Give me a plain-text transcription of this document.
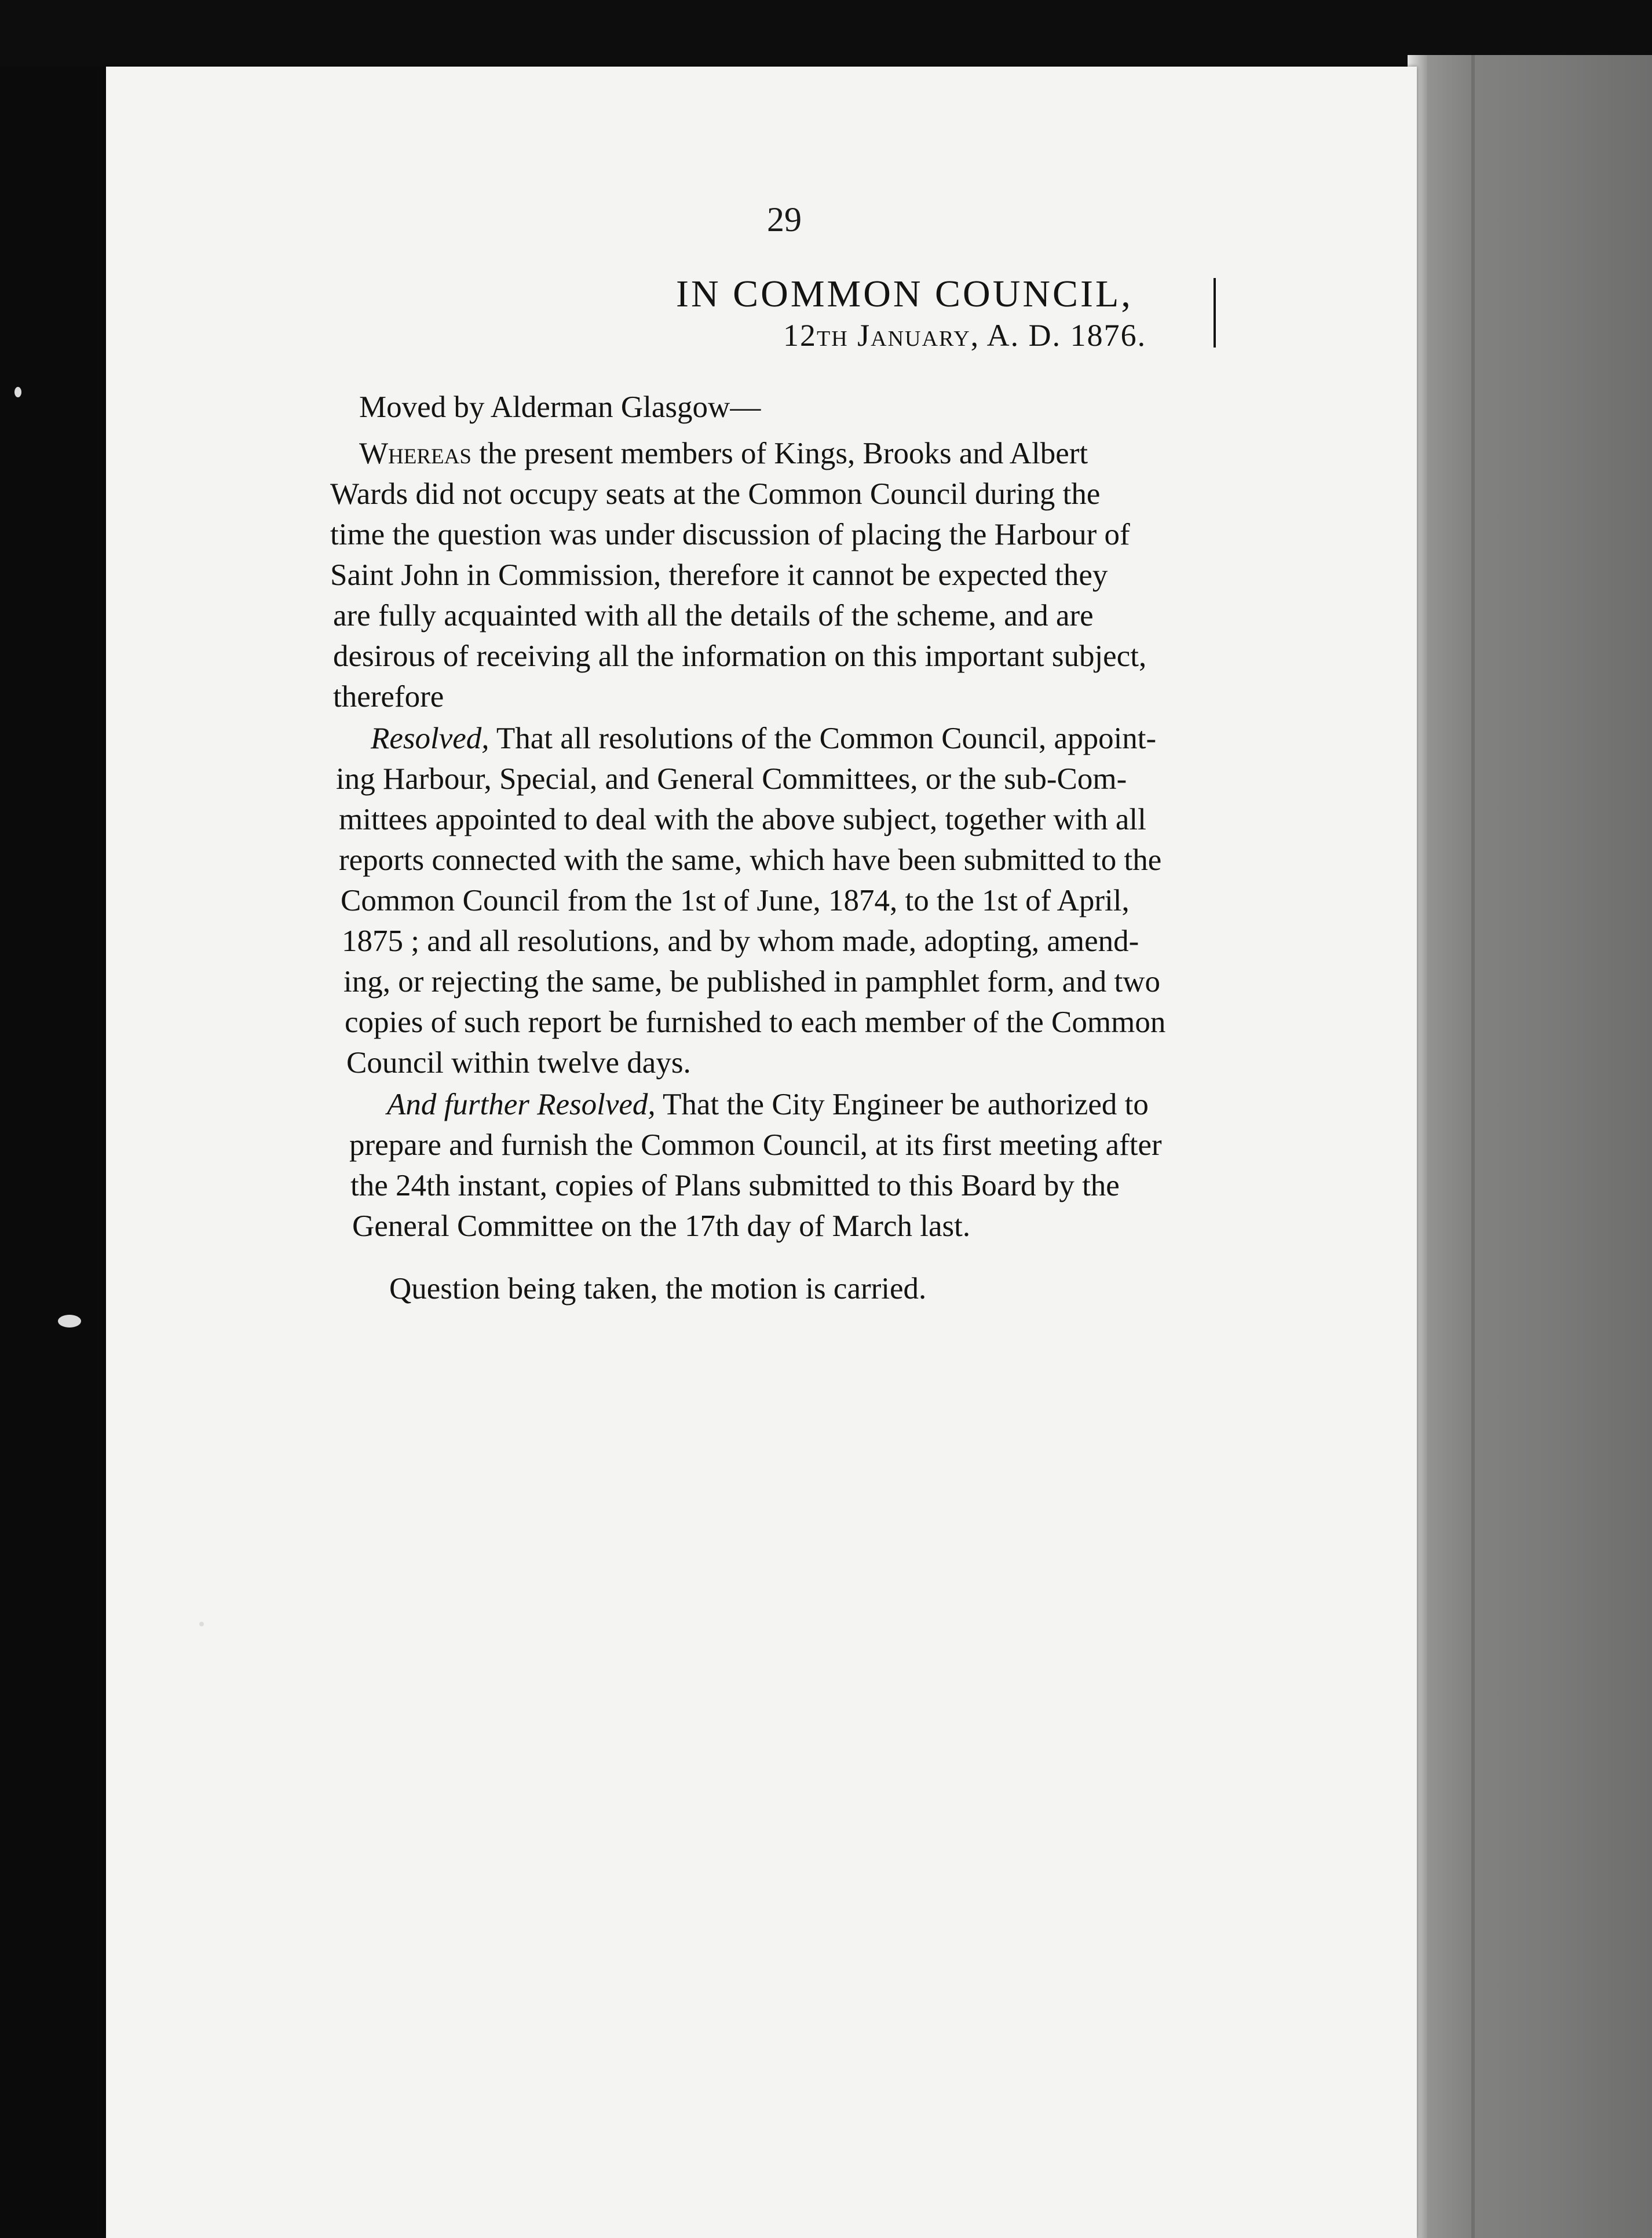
29
IN COMMON COUNCIL,
12th January, A. D. 1876.
Moved by Alderman Glasgow—
Whereas the present members of Kings, Brooks and Albert
Wards did not occupy seats at the Common Council during the
time the question was under discussion of placing the Harbour of
Saint John in Commission, therefore it cannot be expected they
are fully acquainted with all the details of the scheme, and are
desirous of receiving all the information on this important subject,
therefore
Resolved, That all resolutions of the Common Council, appoint-
ing Harbour, Special, and General Committees, or the sub-Com-
mittees appointed to deal with the above subject, together with all
reports connected with the same, which have been submitted to the
Common Council from the 1st of June, 1874, to the 1st of April,
1875 ; and all resolutions, and by whom made, adopting, amend-
ing, or rejecting the same, be published in pamphlet form, and two
copies of such report be furnished to each member of the Common
Council within twelve days.
And further Resolved, That the City Engineer be authorized to
prepare and furnish the Common Council, at its first meeting after
the 24th instant, copies of Plans submitted to this Board by the
General Committee on the 17th day of March last.
Question being taken, the motion is carried.
